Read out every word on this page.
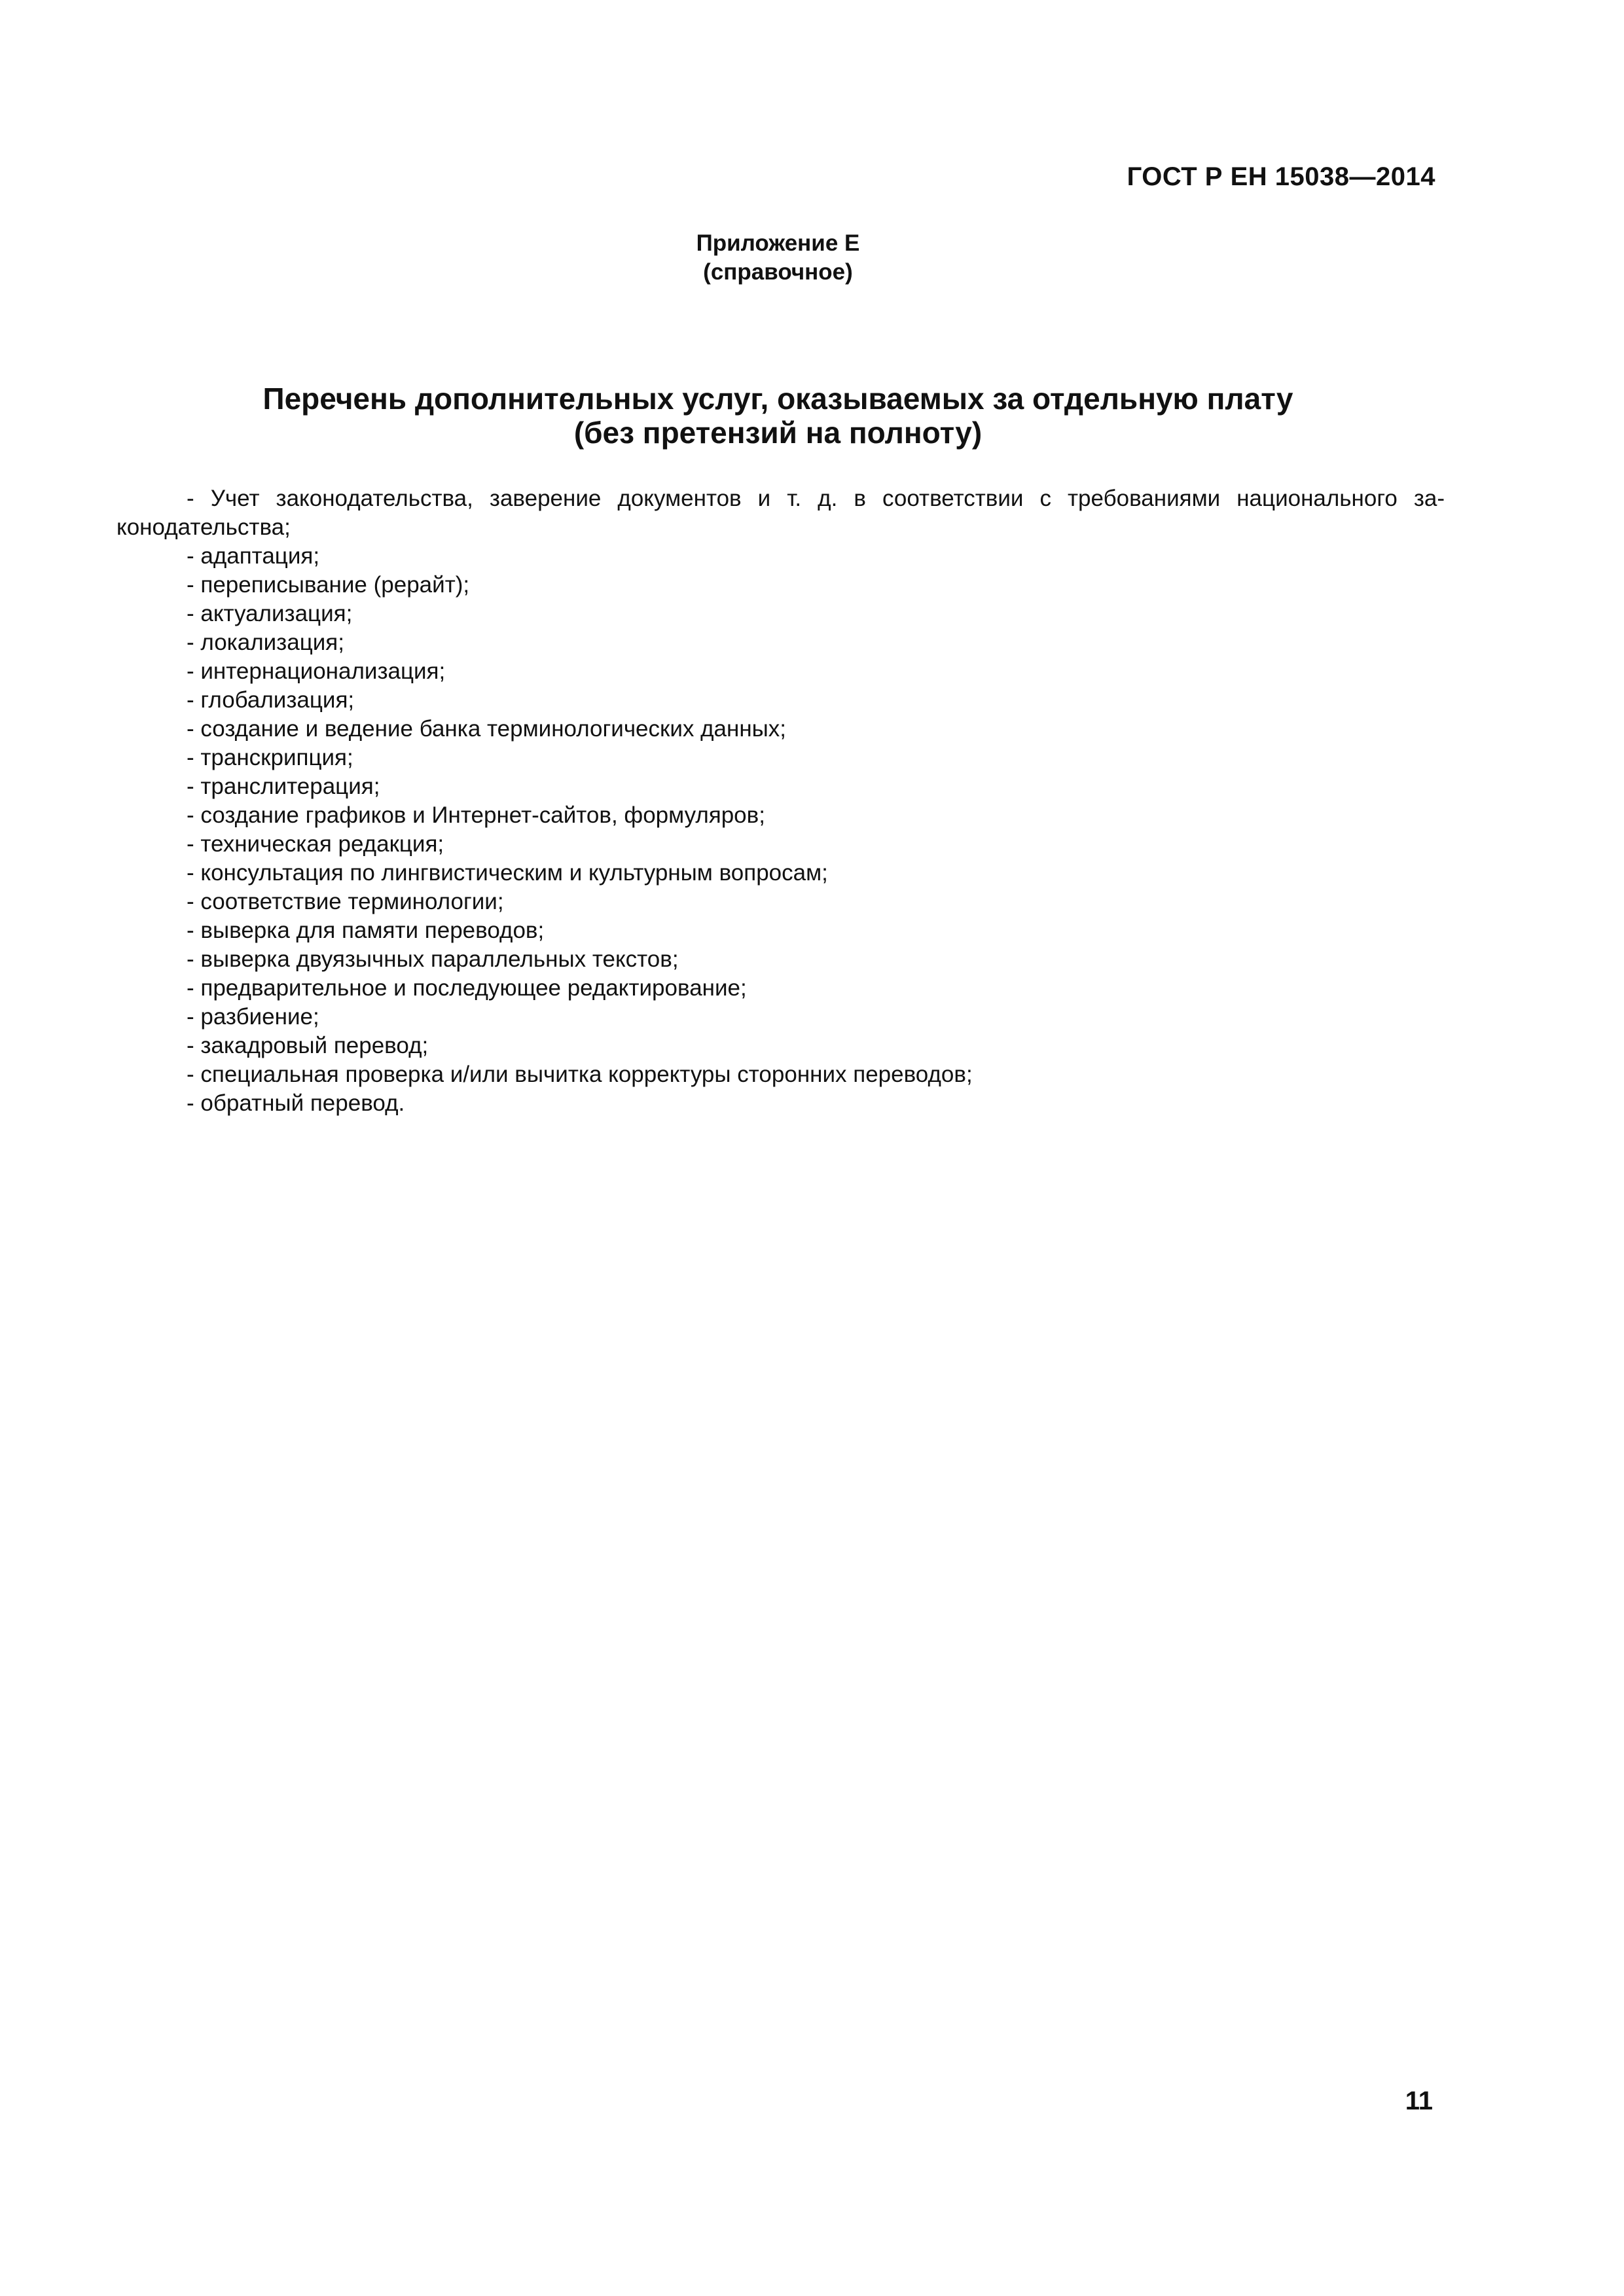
ГОСТ Р ЕН 15038—2014
Приложение Е
(справочное)
Перечень дополнительных услуг, оказываемых за отдельную плату
(без претензий на полноту)

- Учет законодательства, заверение документов и т. д. в соответствии с требованиями национального за-конодательства;

- адаптация;
- переписывание (рерайт);
- актуализация;
- локализация;
- интернационализация;
- глобализация;
- создание и ведение банка терминологических данных;
- транскрипция;
- транслитерация;
- создание графиков и Интернет-сайтов, формуляров;
- техническая редакция;
- консультация по лингвистическим и культурным вопросам;
- соответствие терминологии;
- выверка для памяти переводов;
- выверка двуязычных параллельных текстов;
- предварительное и последующее редактирование;
- разбиение;
- закадровый перевод;
- специальная проверка и/или вычитка корректуры сторонних переводов;
- обратный перевод.
11
